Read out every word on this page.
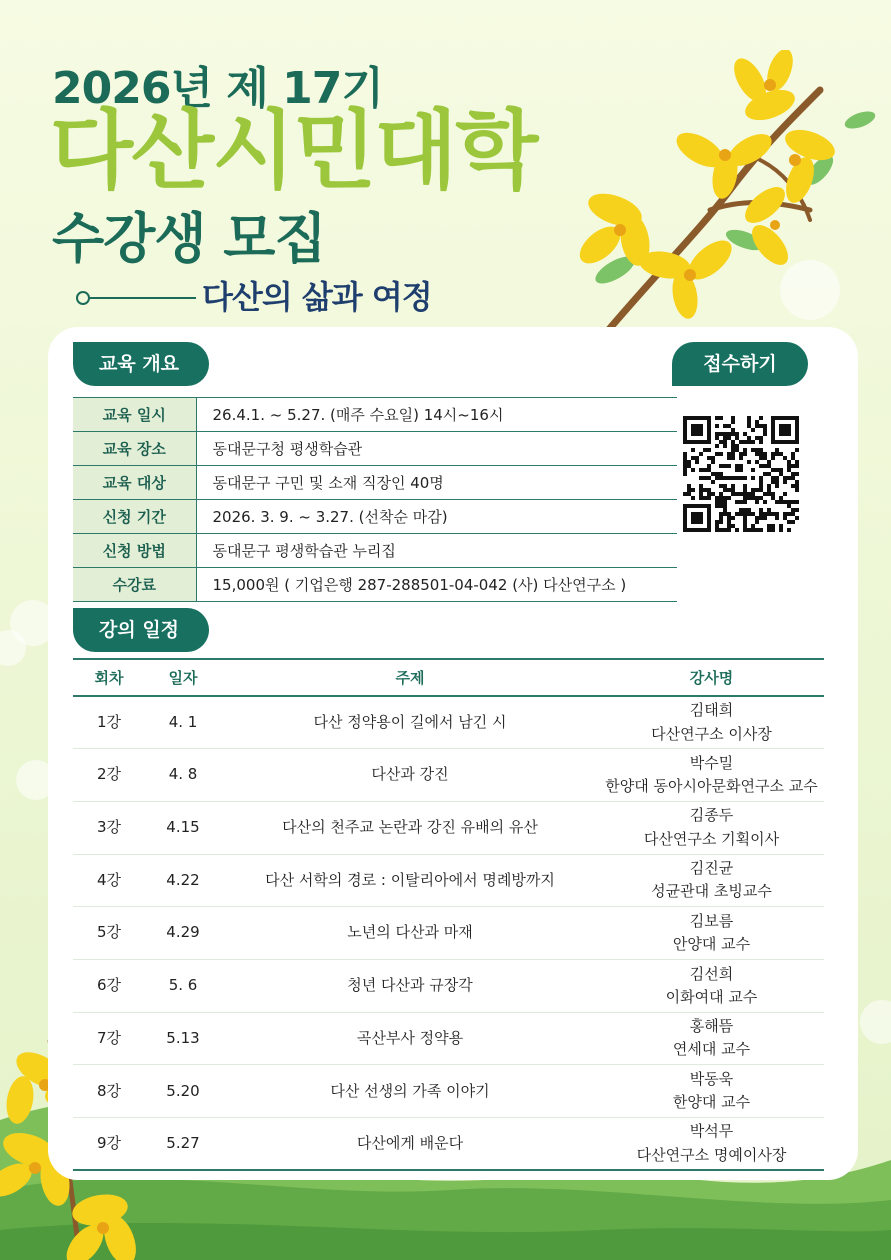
2026년 제 17기
다산시민대학
수강생 모집
다산의 삶과 여정
교육 개요	접수하기
교육 일시	26.4.1. ~ 5.27. (매주 수요일) 14시~16시
교육 장소	동대문구청 평생학습관
교육 대상	동대문구 구민 및 소재 직장인 40명
신청 기간	2026. 3. 9. ~ 3.27. (선착순 마감)
신청 방법	동대문구 평생학습관 누리집
수강료	15,000원 ( 기업은행 287-288501-04-042 (사) 다산연구소 )
강의 일정
회차	일자	주제	강사명
1강	4. 1	다산 정약용이 길에서 남긴 시	김태희
다산연구소 이사장

2강	4. 8	다산과 강진	박수밀
한양대 동아시아문화연구소 교수

3강	4.15	다산의 천주교 논란과 강진 유배의 유산	김종두
다산연구소 기획이사

4강	4.22	다산 서학의 경로 : 이탈리아에서 명례방까지	김진균
성균관대 초빙교수

5강	4.29	노년의 다산과 마재	김보름
안양대 교수

6강	5. 6	청년 다산과 규장각	김선희
이화여대 교수

7강	5.13	곡산부사 정약용	홍해뜸
연세대 교수

8강	5.20	다산 선생의 가족 이야기	박동욱
한양대 교수

9강	5.27	다산에게 배운다	박석무
다산연구소 명예이사장
